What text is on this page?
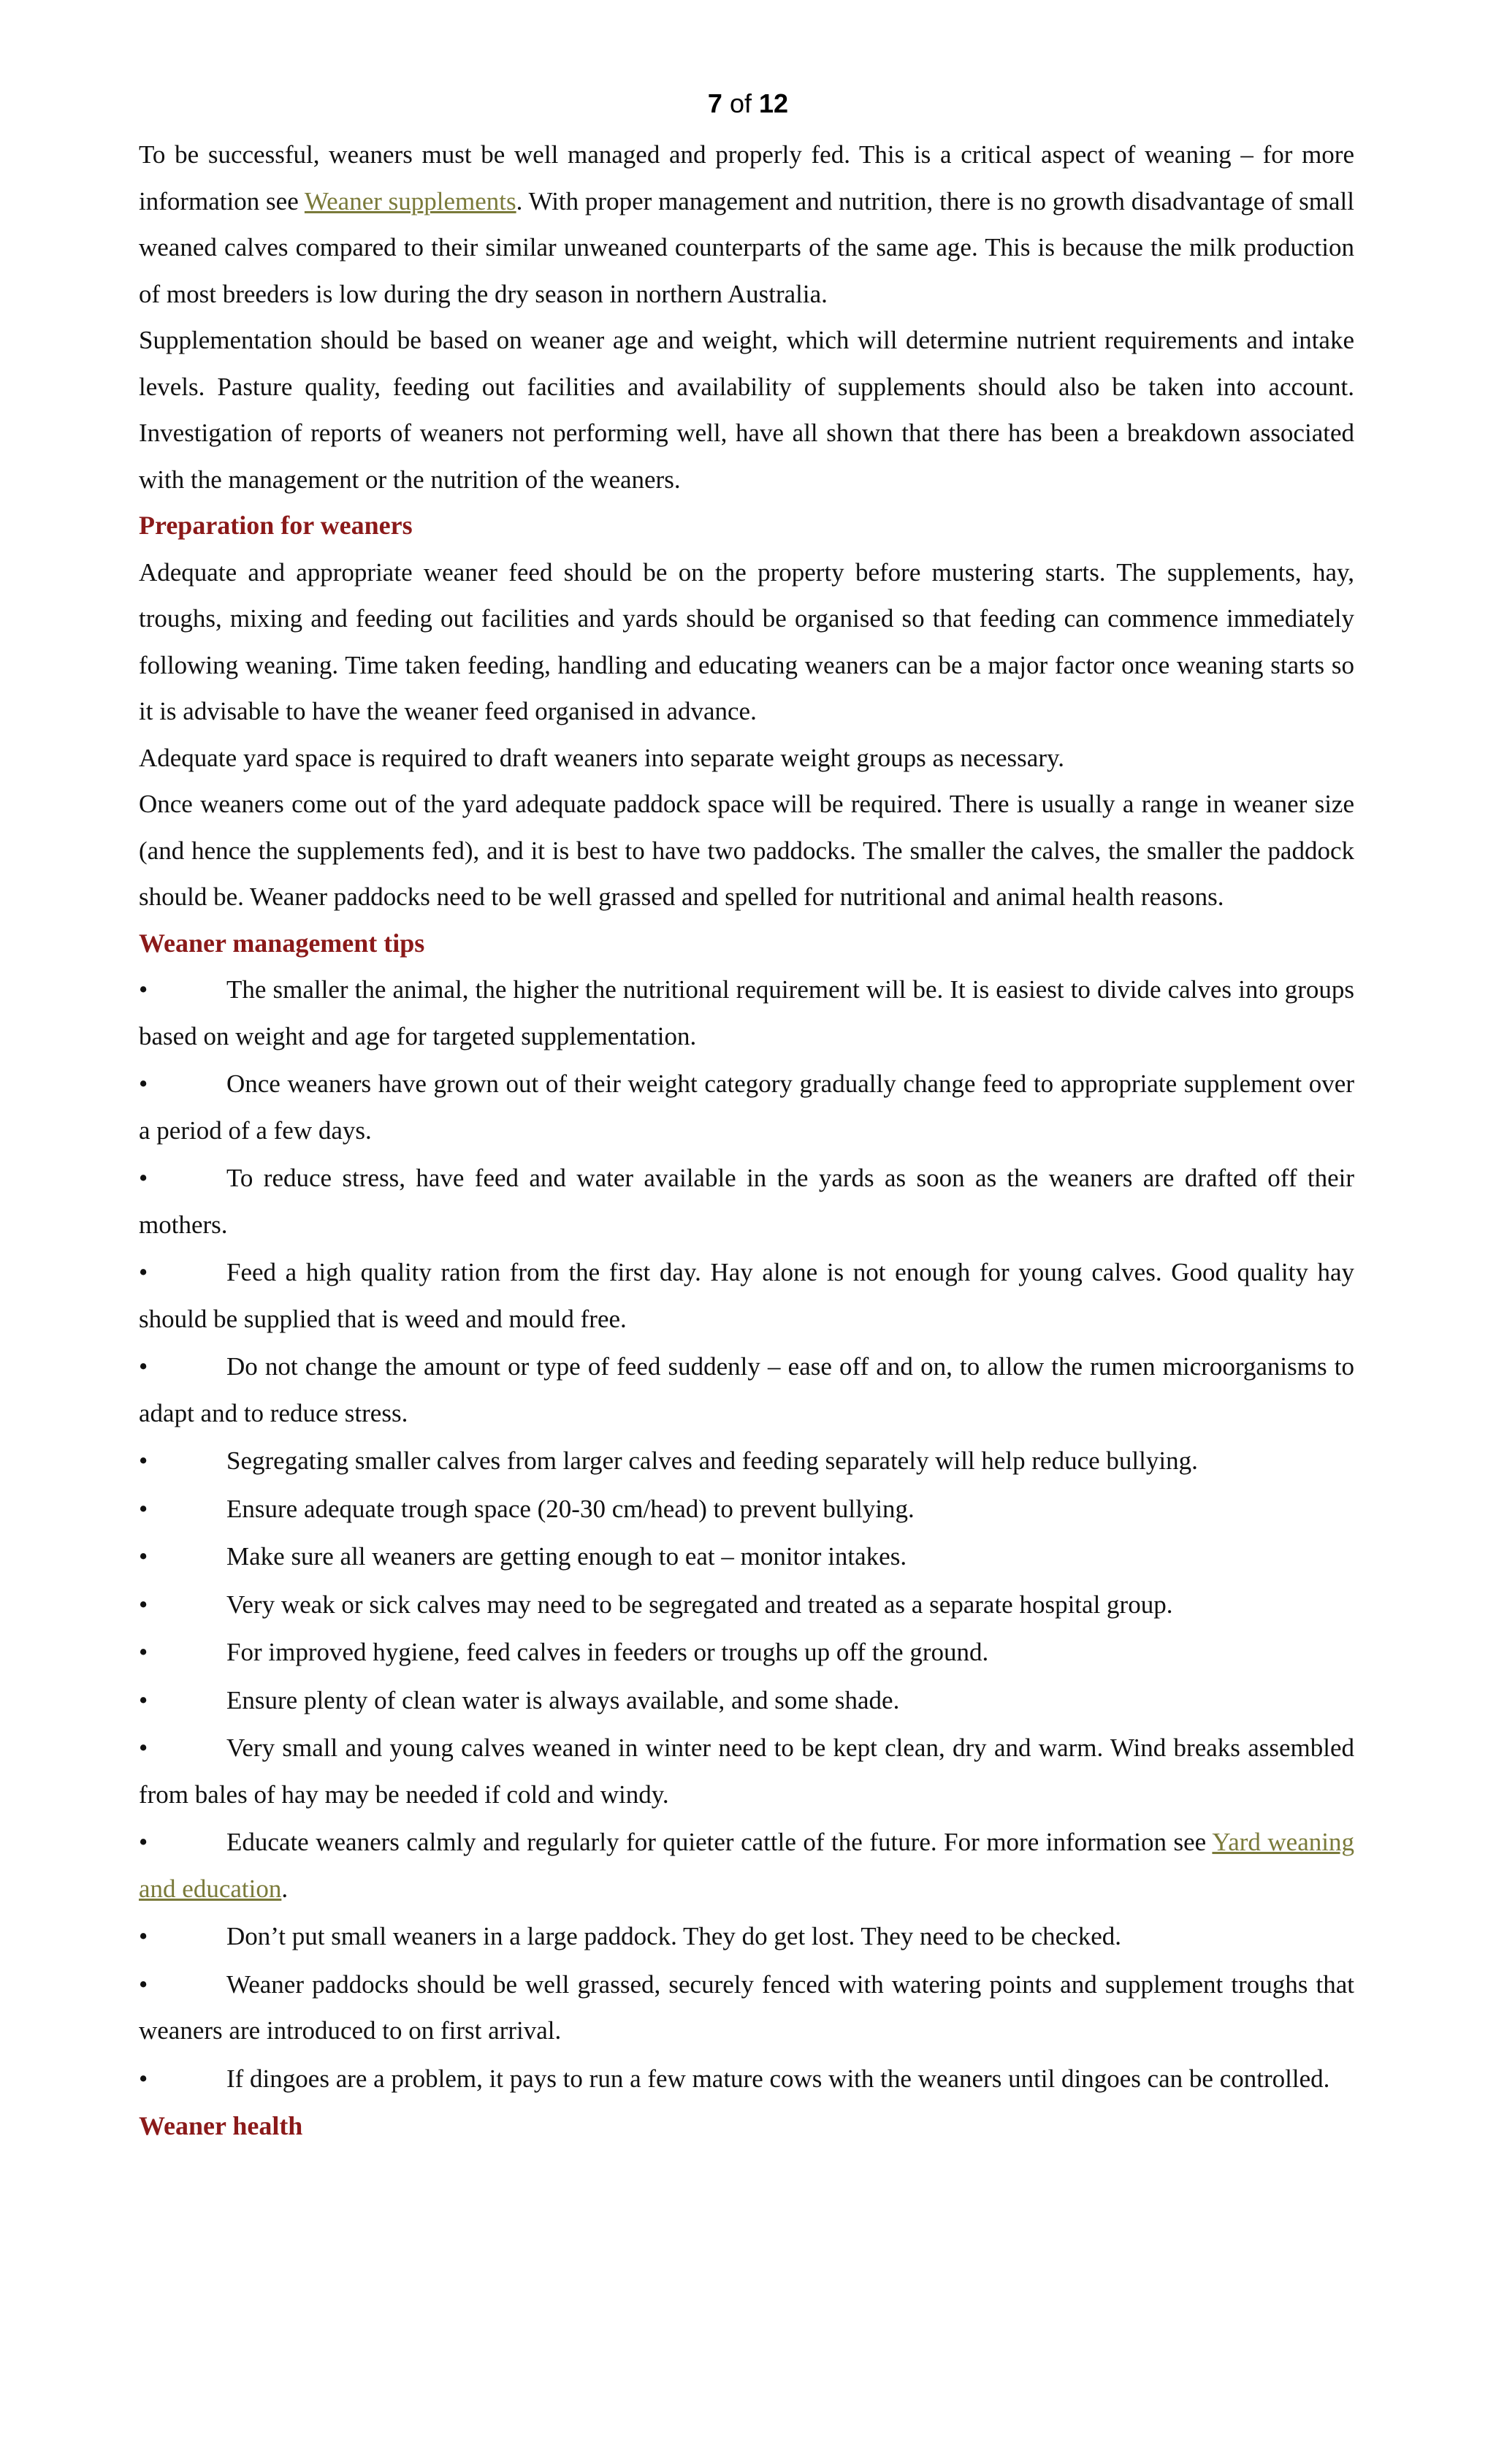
7 of 12

To be successful, weaners must be well managed and properly fed. This is a critical aspect of weaning – for more information see Weaner supplements. With proper management and nutrition, there is no growth disadvantage of small weaned calves compared to their similar unweaned counterparts of the same age. This is because the milk production of most breeders is low during the dry season in northern Australia.

Supplementation should be based on weaner age and weight, which will determine nutrient requirements and intake levels. Pasture quality, feeding out facilities and availability of supplements should also be taken into account. Investigation of reports of weaners not performing well, have all shown that there has been a breakdown associated with the management or the nutrition of the weaners.

Preparation for weaners

Adequate and appropriate weaner feed should be on the property before mustering starts. The supplements, hay, troughs, mixing and feeding out facilities and yards should be organised so that feeding can commence immediately following weaning. Time taken feeding, handling and educating weaners can be a major factor once weaning starts so it is advisable to have the weaner feed organised in advance.

Adequate yard space is required to draft weaners into separate weight groups as necessary.

Once weaners come out of the yard adequate paddock space will be required. There is usually a range in weaner size (and hence the supplements fed), and it is best to have two paddocks. The smaller the calves, the smaller the paddock should be. Weaner paddocks need to be well grassed and spelled for nutritional and animal health reasons.

Weaner management tips
•	The smaller the animal, the higher the nutritional requirement will be. It is easiest to divide calves into groups based on weight and age for targeted supplementation.
•	Once weaners have grown out of their weight category gradually change feed to appropriate supplement over a period of a few days.
•	To reduce stress, have feed and water available in the yards as soon as the weaners are drafted off their mothers.
•	Feed a high quality ration from the first day. Hay alone is not enough for young calves. Good quality hay should be supplied that is weed and mould free.
•	Do not change the amount or type of feed suddenly – ease off and on, to allow the rumen microorganisms to adapt and to reduce stress.
•	Segregating smaller calves from larger calves and feeding separately will help reduce bullying.
•	Ensure adequate trough space (20-30 cm/head) to prevent bullying.
•	Make sure all weaners are getting enough to eat – monitor intakes.
•	Very weak or sick calves may need to be segregated and treated as a separate hospital group.
•	For improved hygiene, feed calves in feeders or troughs up off the ground.
•	Ensure plenty of clean water is always available, and some shade.
•	Very small and young calves weaned in winter need to be kept clean, dry and warm. Wind breaks assembled from bales of hay may be needed if cold and windy.
•	Educate weaners calmly and regularly for quieter cattle of the future. For more information see Yard weaning and education.
•	Don’t put small weaners in a large paddock. They do get lost. They need to be checked.
•	Weaner paddocks should be well grassed, securely fenced with watering points and supplement troughs that weaners are introduced to on first arrival.
•	If dingoes are a problem, it pays to run a few mature cows with the weaners until dingoes can be controlled.
Weaner health
